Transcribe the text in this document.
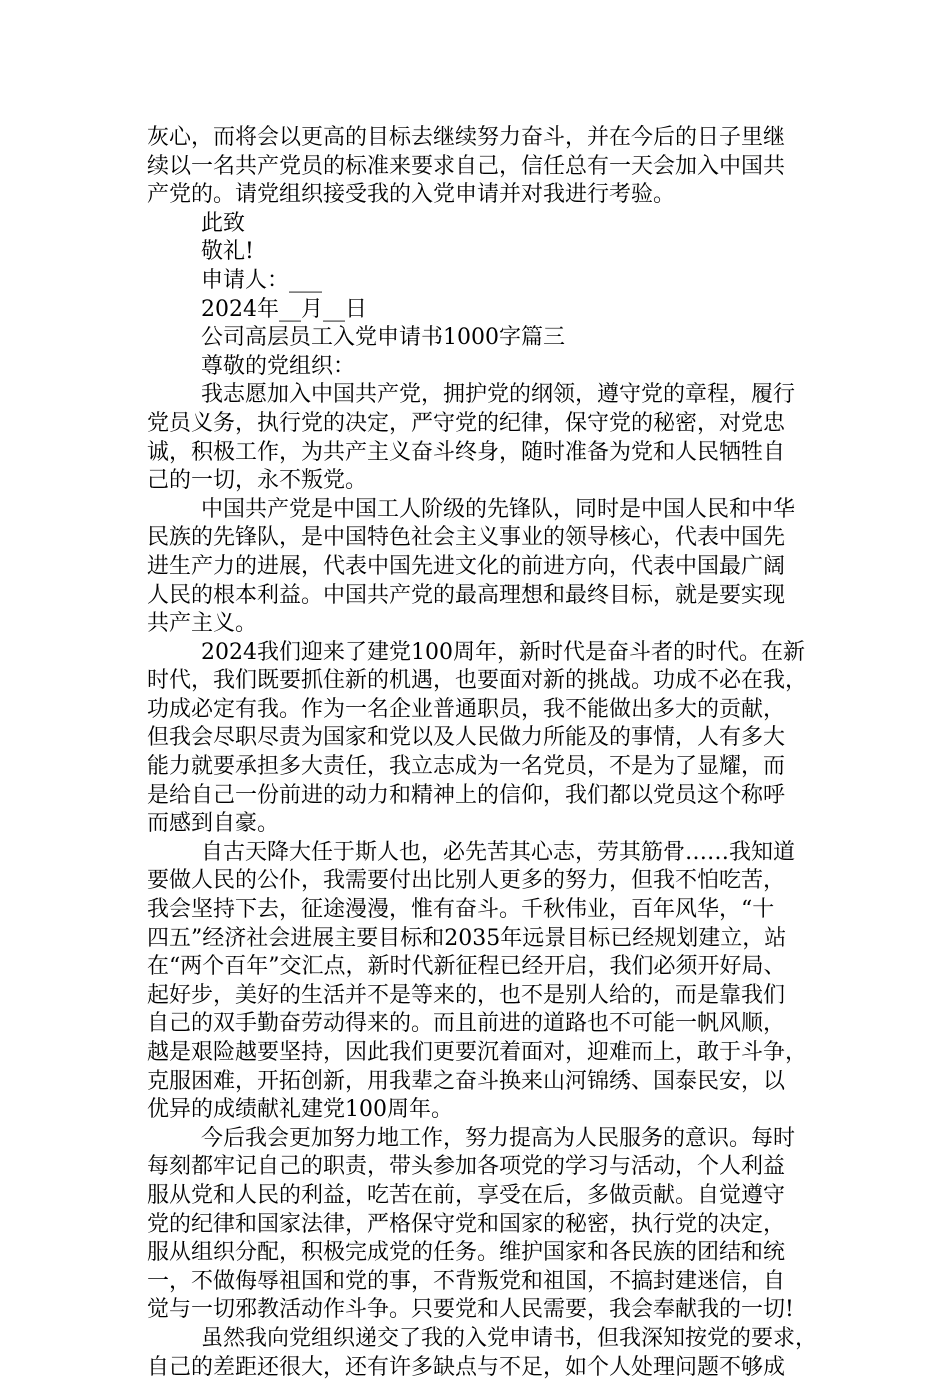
灰心，而将会以更高的目标去继续努力奋斗，并在今后的日子里继
续以一名共产党员的标准来要求自己，信任总有一天会加入中国共
产党的。请党组织接受我的入党申请并对我进行考验。
此致
敬礼!
申请人：___
2024年__月__日
公司高层员工入党申请书1000字篇三
尊敬的党组织：
我志愿加入中国共产党，拥护党的纲领，遵守党的章程，履行
党员义务，执行党的决定，严守党的纪律，保守党的秘密，对党忠
诚，积极工作，为共产主义奋斗终身，随时准备为党和人民牺牲自
己的一切，永不叛党。
中国共产党是中国工人阶级的先锋队，同时是中国人民和中华
民族的先锋队，是中国特色社会主义事业的领导核心，代表中国先
进生产力的进展，代表中国先进文化的前进方向，代表中国最广阔
人民的根本利益。中国共产党的最高理想和最终目标，就是要实现
共产主义。
2024我们迎来了建党100周年，新时代是奋斗者的时代。在新
时代，我们既要抓住新的机遇，也要面对新的挑战。功成不必在我，
功成必定有我。作为一名企业普通职员，我不能做出多大的贡献，
但我会尽职尽责为国家和党以及人民做力所能及的事情，人有多大
能力就要承担多大责任，我立志成为一名党员，不是为了显耀，而
是给自己一份前进的动力和精神上的信仰，我们都以党员这个称呼
而感到自豪。
自古天降大任于斯人也，必先苦其心志，劳其筋骨……我知道
要做人民的公仆，我需要付出比别人更多的努力，但我不怕吃苦，
我会坚持下去，征途漫漫，惟有奋斗。千秋伟业，百年风华，“十
四五”经济社会进展主要目标和2035年远景目标已经规划建立，站
在“两个百年”交汇点，新时代新征程已经开启，我们必须开好局、
起好步，美好的生活并不是等来的，也不是别人给的，而是靠我们
自己的双手勤奋劳动得来的。而且前进的道路也不可能一帆风顺，
越是艰险越要坚持，因此我们更要沉着面对，迎难而上，敢于斗争，
克服困难，开拓创新，用我辈之奋斗换来山河锦绣、国泰民安，以
优异的成绩献礼建党100周年。
今后我会更加努力地工作，努力提高为人民服务的意识。每时
每刻都牢记自己的职责，带头参加各项党的学习与活动，个人利益
服从党和人民的利益，吃苦在前，享受在后，多做贡献。自觉遵守
党的纪律和国家法律，严格保守党和国家的秘密，执行党的决定，
服从组织分配，积极完成党的任务。维护国家和各民族的团结和统
一，不做侮辱祖国和党的事，不背叛党和祖国，不搞封建迷信，自
觉与一切邪教活动作斗争。只要党和人民需要，我会奉献我的一切!
虽然我向党组织递交了我的入党申请书，但我深知按党的要求，
自己的差距还很大，还有许多缺点与不足，如个人处理问题不够成
